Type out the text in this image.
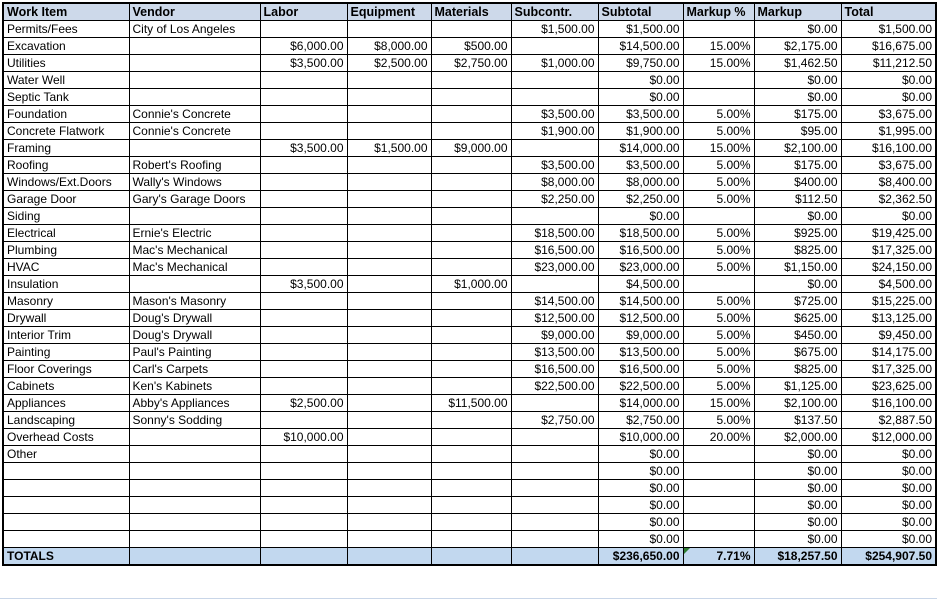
Work Item	Vendor	Labor	Equipment	Materials	Subcontr.	Subtotal	Markup %	Markup	Total
Permits/Fees	City of Los Angeles				$1,500.00	$1,500.00		$0.00	$1,500.00
Excavation		$6,000.00	$8,000.00	$500.00		$14,500.00	15.00%	$2,175.00	$16,675.00
Utilities		$3,500.00	$2,500.00	$2,750.00	$1,000.00	$9,750.00	15.00%	$1,462.50	$11,212.50
Water Well						$0.00		$0.00	$0.00
Septic Tank						$0.00		$0.00	$0.00
Foundation	Connie's Concrete				$3,500.00	$3,500.00	5.00%	$175.00	$3,675.00
Concrete Flatwork	Connie's Concrete				$1,900.00	$1,900.00	5.00%	$95.00	$1,995.00
Framing		$3,500.00	$1,500.00	$9,000.00		$14,000.00	15.00%	$2,100.00	$16,100.00
Roofing	Robert's Roofing				$3,500.00	$3,500.00	5.00%	$175.00	$3,675.00
Windows/Ext.Doors	Wally's Windows				$8,000.00	$8,000.00	5.00%	$400.00	$8,400.00
Garage Door	Gary's Garage Doors				$2,250.00	$2,250.00	5.00%	$112.50	$2,362.50
Siding						$0.00		$0.00	$0.00
Electrical	Ernie's Electric				$18,500.00	$18,500.00	5.00%	$925.00	$19,425.00
Plumbing	Mac's Mechanical				$16,500.00	$16,500.00	5.00%	$825.00	$17,325.00
HVAC	Mac's Mechanical				$23,000.00	$23,000.00	5.00%	$1,150.00	$24,150.00
Insulation		$3,500.00		$1,000.00		$4,500.00		$0.00	$4,500.00
Masonry	Mason's Masonry				$14,500.00	$14,500.00	5.00%	$725.00	$15,225.00
Drywall	Doug's Drywall				$12,500.00	$12,500.00	5.00%	$625.00	$13,125.00
Interior Trim	Doug's Drywall				$9,000.00	$9,000.00	5.00%	$450.00	$9,450.00
Painting	Paul's Painting				$13,500.00	$13,500.00	5.00%	$675.00	$14,175.00
Floor Coverings	Carl's Carpets				$16,500.00	$16,500.00	5.00%	$825.00	$17,325.00
Cabinets	Ken's Kabinets				$22,500.00	$22,500.00	5.00%	$1,125.00	$23,625.00
Appliances	Abby's Appliances	$2,500.00		$11,500.00		$14,000.00	15.00%	$2,100.00	$16,100.00
Landscaping	Sonny's Sodding				$2,750.00	$2,750.00	5.00%	$137.50	$2,887.50
Overhead Costs		$10,000.00				$10,000.00	20.00%	$2,000.00	$12,000.00
Other						$0.00		$0.00	$0.00
						$0.00		$0.00	$0.00
						$0.00		$0.00	$0.00
						$0.00		$0.00	$0.00
						$0.00		$0.00	$0.00
						$0.00		$0.00	$0.00
TOTALS						$236,650.00	7.71%	$18,257.50	$254,907.50
